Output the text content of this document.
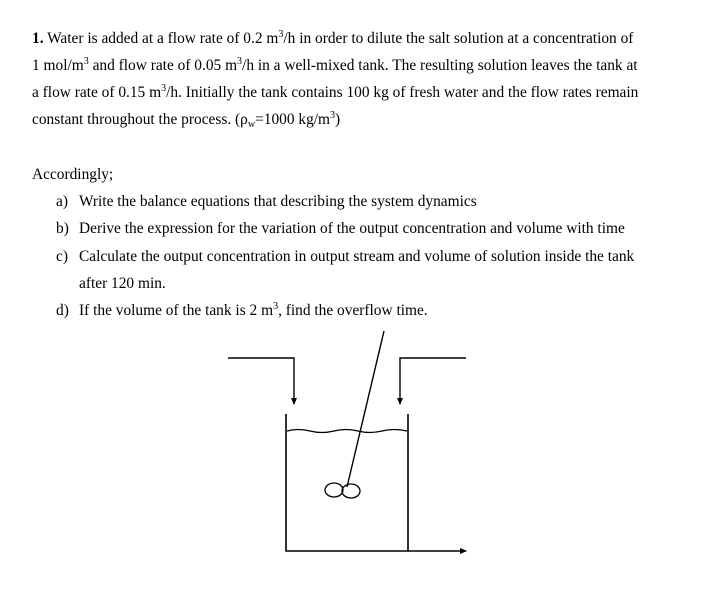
1. Water is added at a flow rate of 0.2 $m^3/h$ in order to dilute the salt solution at a concentration of
1 mol/$m^3$ and flow rate of 0.05 $m^3/h$ in a well-mixed tank. The resulting solution leaves the tank at
a flow rate of 0.15 $m^3/h$. Initially the tank contains 100 kg of fresh water and the flow rates remain
constant throughout the process. ($\rho_w=1000$ $kg/m^3$)
Accordingly;
a) Write the balance equations that describing the system dynamics
b) Derive the expression for the variation of the output concentration and volume with time
c) Calculate the output concentration in output stream and volume of solution inside the tank
after 120 min.
d) If the volume of the tank is 2 $m^3$, find the overflow time.
